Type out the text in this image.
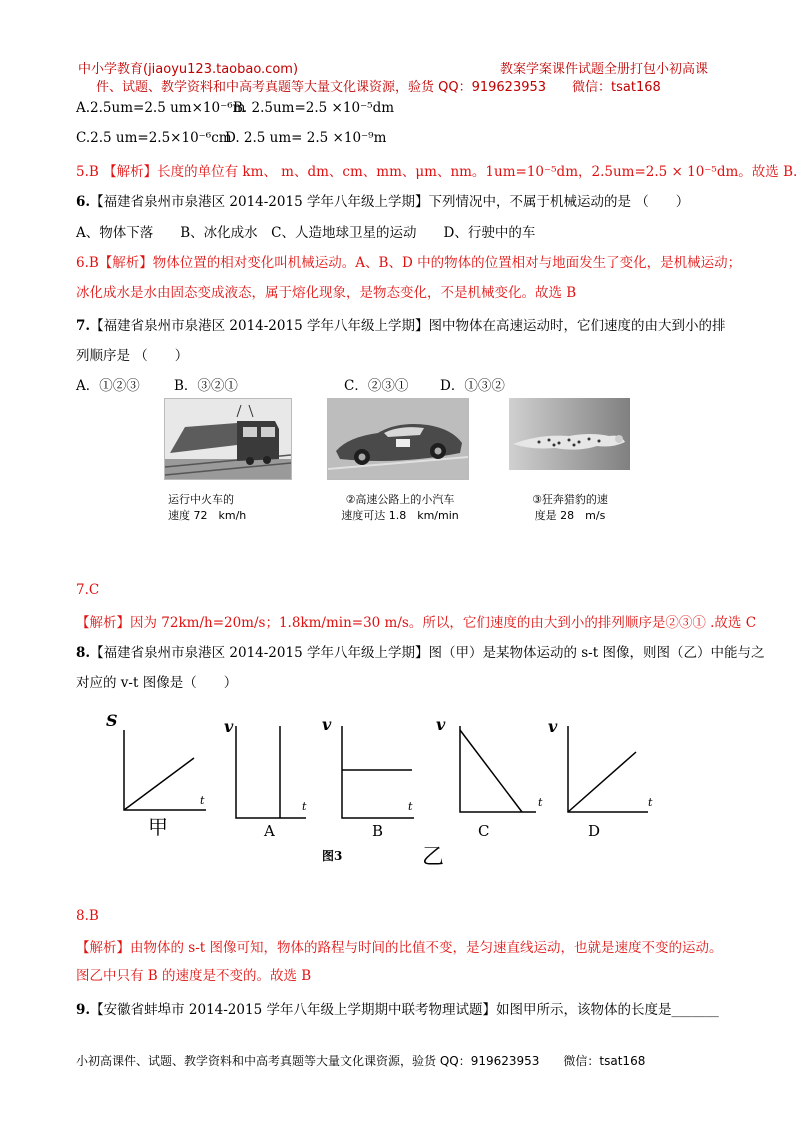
中小学教育(jiaoyu123.taobao.com)	教案学案课件试题全册打包小初高课
件、试题、教学资料和中高考真题等大量文化课资源，验货 QQ：919623953　　微信：tsat168
A.2.5um=2.5 um×10⁻⁶m
B. 2.5um=2.5 ×10⁻⁵dm
C.2.5 um=2.5×10⁻⁶cm
D. 2.5 um= 2.5 ×10⁻⁹m
5.B 【解析】长度的单位有 km、 m、dm、cm、mm、μm、nm。1um=10⁻⁵dm，2.5um=2.5 × 10⁻⁵dm。故选 B.
6.【福建省泉州市泉港区 2014-2015 学年八年级上学期】下列情况中，不属于机械运动的是 （　　）
A、物体下落　　B、冰化成水　C、人造地球卫星的运动　　D、行驶中的车
6.B【解析】物体位置的相对变化叫机械运动。A、B、D 中的物体的位置相对与地面发生了变化，是机械运动；
冰化成水是水由固态变成液态，属于熔化现象，是物态变化，不是机械变化。故选 B
7.【福建省泉州市泉港区 2014-2015 学年八年级上学期】图中物体在高速运动时，它们速度的由大到小的排
列顺序是 （　　）
A．①②③	B．③②①	C．②③① D．①③②
运行中火车的
速度 72　km/h
②高速公路上的小汽车
速度可达 1.8　km/min
③狂奔猎豹的速
度是 28　m/s
7.C
【解析】因为 72km/h=20m/s；1.8km/min=30 m/s。所以，它们速度的由大到小的排列顺序是②③① .故选 C
8.【福建省泉州市泉港区 2014-2015 学年八年级上学期】图（甲）是某物体运动的 s-t 图像，则图（乙）中能与之
对应的 v-t 图像是（　　）
S	v	v	v	v
t	t	t	t	t
甲	A	B	C	D
图3	乙
8.B
【解析】由物体的 s-t 图像可知，物体的路程与时间的比值不变，是匀速直线运动，也就是速度不变的运动。
图乙中只有 B 的速度是不变的。故选 B
9.【安徽省蚌埠市 2014-2015 学年八年级上学期期中联考物理试题】如图甲所示，该物体的长度是_______
小初高课件、试题、教学资料和中高考真题等大量文化课资源，验货 QQ：919623953　　微信：tsat168
